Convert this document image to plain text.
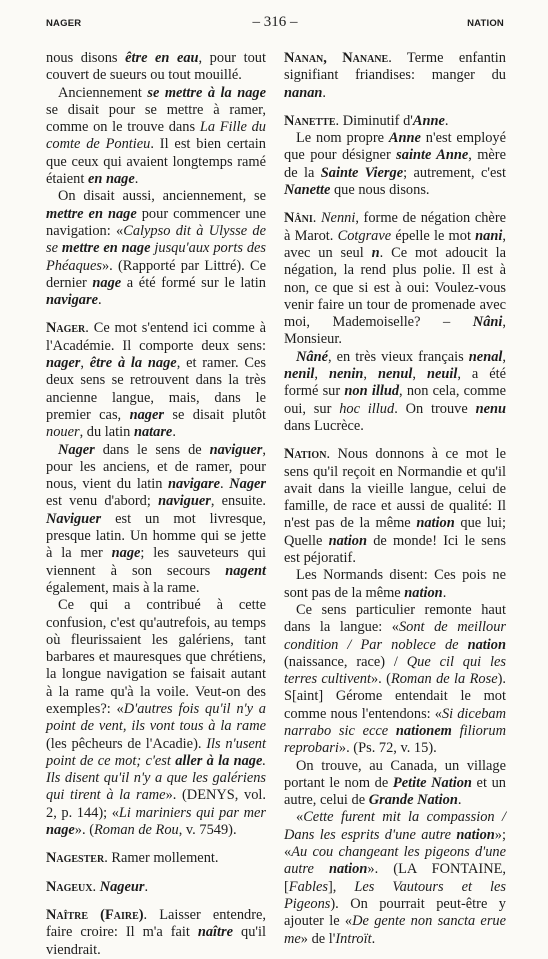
NAGER	– 316 –	NATION

nous disons être en eau, pour tout couvert de sueurs ou tout mouillé.

Anciennement se mettre à la nage se disait pour se mettre à ramer, comme on le trouve dans La Fille du comte de Pontieu. Il est bien certain que ceux qui avaient longtemps ramé étaient en nage.

On disait aussi, anciennement, se mettre en nage pour commencer une navigation: «Calypso dit à Ulysse de se mettre en nage jusqu'aux ports des Phéaques». (Rapporté par Littré). Ce dernier nage a été formé sur le latin navigare.

Nager. Ce mot s'entend ici comme à l'Académie. Il comporte deux sens: nager, être à la nage, et ramer. Ces deux sens se retrouvent dans la très ancienne langue, mais, dans le premier cas, nager se disait plutôt nouer, du latin natare.

Nager dans le sens de naviguer, pour les anciens, et de ramer, pour nous, vient du latin navigare. Nager est venu d'abord; naviguer, ensuite. Naviguer est un mot livresque, presque latin. Un homme qui se jette à la mer nage; les sauveteurs qui viennent à son secours nagent également, mais à la rame.

Ce qui a contribué à cette confusion, c'est qu'autrefois, au temps où fleurissaient les galériens, tant barbares et mauresques que chrétiens, la longue navigation se faisait autant à la rame qu'à la voile. Veut-on des exemples?: «D'autres fois qu'il n'y a point de vent, ils vont tous à la rame (les pêcheurs de l'Acadie). Ils n'usent point de ce mot; c'est aller à la nage. Ils disent qu'il n'y a que les galériens qui tirent à la rame». (DENYS, vol. 2, p. 144); «Li mariniers qui par mer nage». (Roman de Rou, v. 7549).

Nagester. Ramer mollement.

Nageux. Nageur.

Naître (Faire). Laisser entendre, faire croire: Il m'a fait naître qu'il viendrait.

Nanan, Nanane. Terme enfantin signifiant friandises: manger du nanan.

Nanette. Diminutif d'Anne.

Le nom propre Anne n'est employé que pour désigner sainte Anne, mère de la Sainte Vierge; autrement, c'est Nanette que nous disons.

Nâni. Nenni, forme de négation chère à Marot. Cotgrave épelle le mot nani, avec un seul n. Ce mot adoucit la négation, la rend plus polie. Il est à non, ce que si est à oui: Voulez-vous venir faire un tour de promenade avec moi, Mademoiselle? – Nâni, Monsieur.

Nâné, en très vieux français nenal, nenil, nenin, nenul, neuil, a été formé sur non illud, non cela, comme oui, sur hoc illud. On trouve nenu dans Lucrèce.

Nation. Nous donnons à ce mot le sens qu'il reçoit en Normandie et qu'il avait dans la vieille langue, celui de famille, de race et aussi de qualité: Il n'est pas de la même nation que lui; Quelle nation de monde! Ici le sens est péjoratif.

Les Normands disent: Ces pois ne sont pas de la même nation.

Ce sens particulier remonte haut dans la langue: «Sont de meillour condition / Par noblece de nation (naissance, race) / Que cil qui les terres cultivent». (Roman de la Rose). S[aint] Gérome entendait le mot comme nous l'entendons: «Si dicebam narrabo sic ecce nationem filiorum reprobari». (Ps. 72, v. 15).

On trouve, au Canada, un village portant le nom de Petite Nation et un autre, celui de Grande Nation.

«Cette furent mit la compassion / Dans les esprits d'une autre nation»; «Au cou changeant les pigeons d'une autre nation». (LA FONTAINE, [Fables], Les Vautours et les Pigeons). On pourrait peut-être y ajouter le «De gente non sancta erue me» de l'Introït.
